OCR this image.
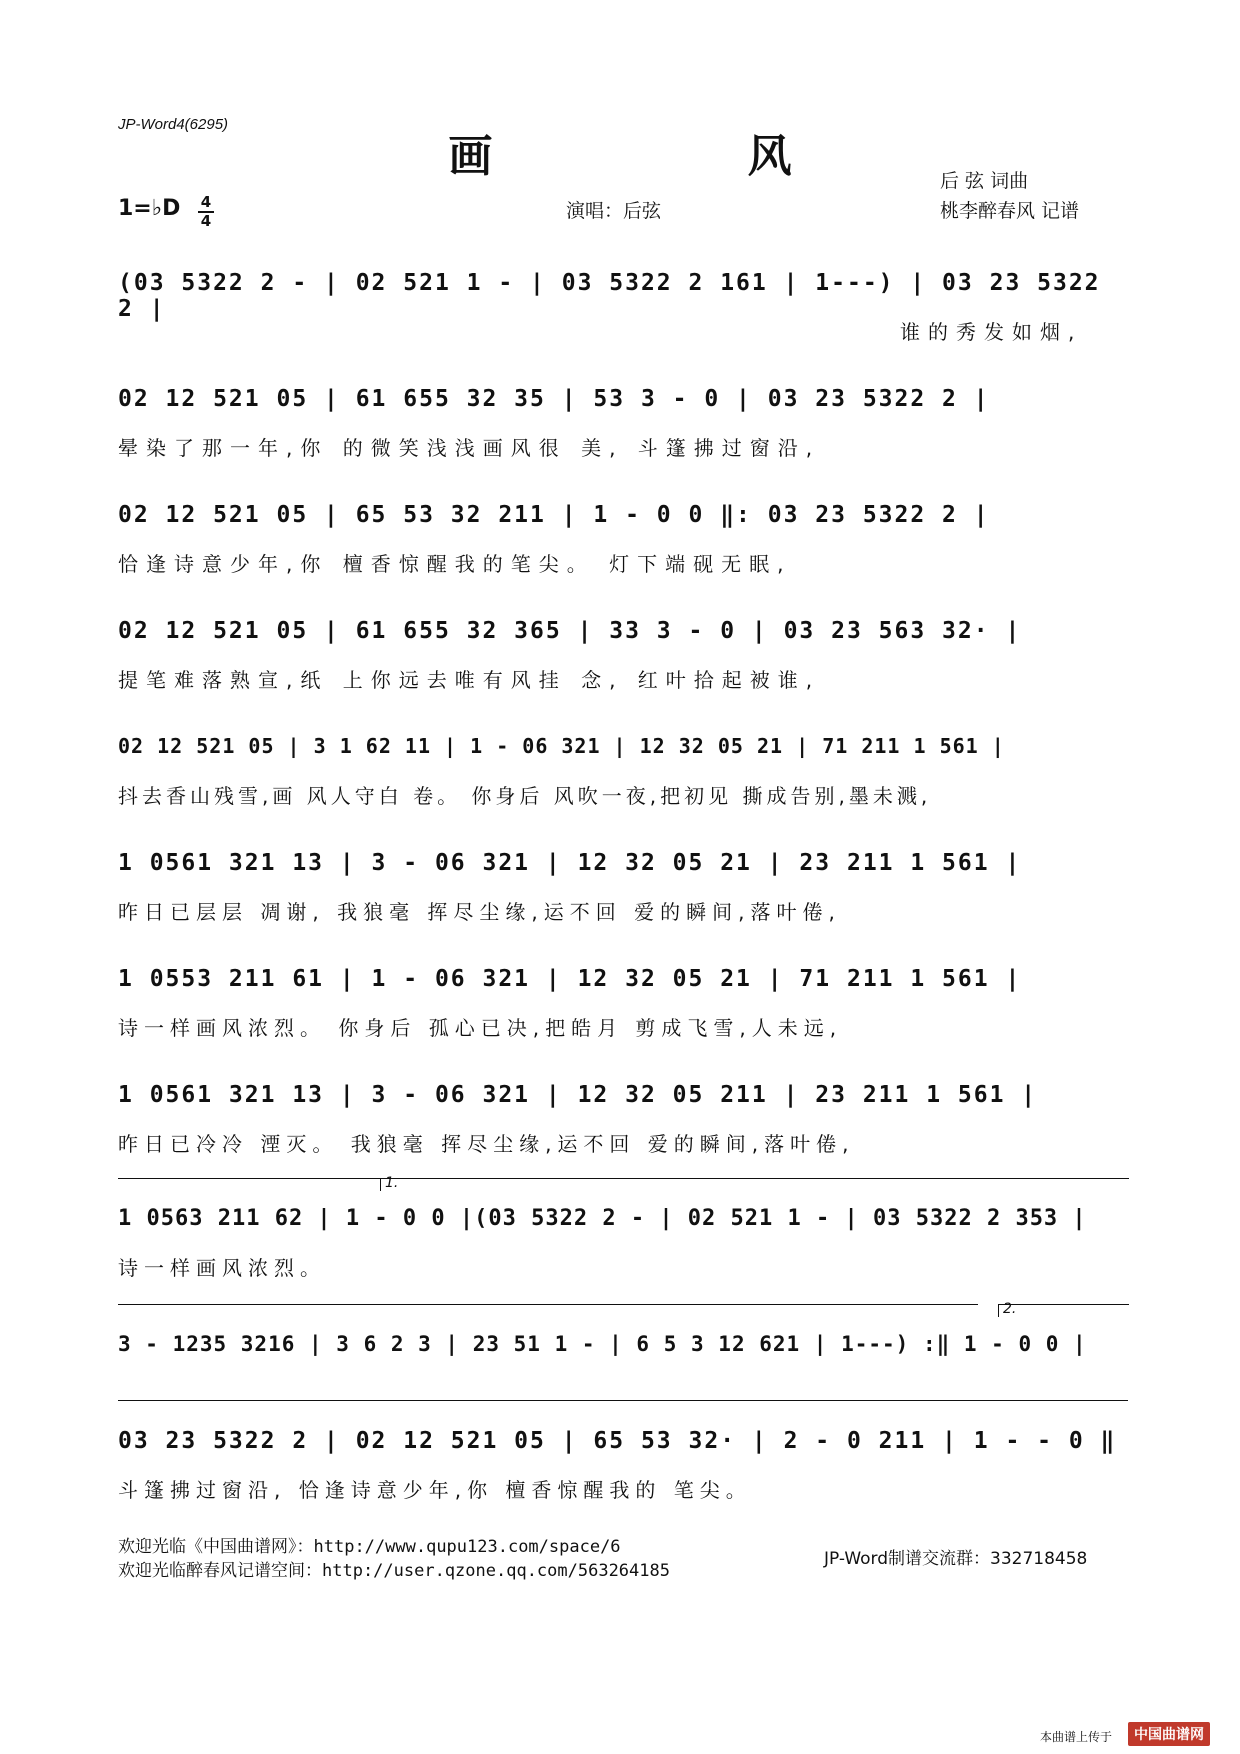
JP-Word4(6295)
画 风	后 弦 词曲
桃李醉春风 记谱
演唱：后弦
1=♭D 4
4
(03 5322 2 - | 02 521 1 - | 03 5322 2 161 | 1---) | 03 23 5322 2 |
谁的秀发如烟,
02 12 521 05 | 61 655 32 35 | 53 3 - 0 | 03 23 5322 2 |
晕染了那一年,你 的微笑浅浅画风很 美, 斗篷拂过窗沿,
02 12 521 05 | 65 53 32 211 | 1 - 0 0 ‖: 03 23 5322 2 |
恰逢诗意少年,你 檀香惊醒我的笔尖。 灯下端砚无眠,
02 12 521 05 | 61 655 32 365 | 33 3 - 0 | 03 23 563 32· |
提笔难落熟宣,纸 上你远去唯有风挂 念, 红叶拾起被谁,
02 12 521 05 | 3 1 62 11 | 1 - 06 321 | 12 32 05 21 | 71 211 1 561 |
抖去香山残雪,画 风人守白 卷。 你身后 风吹一夜,把初见 撕成告别,墨未溅,
1 0561 321 13 | 3 - 06 321 | 12 32 05 21 | 23 211 1 561 |
昨日已层层 凋谢, 我狼毫 挥尽尘缘,运不回 爱的瞬间,落叶倦,
1 0553 211 61 | 1 - 06 321 | 12 32 05 21 | 71 211 1 561 |
诗一样画风浓烈。 你身后 孤心已决,把皓月 剪成飞雪,人未远,
1 0561 321 13 | 3 - 06 321 | 12 32 05 211 | 23 211 1 561 |
昨日已冷冷 湮灭。 我狼毫 挥尽尘缘,运不回 爱的瞬间,落叶倦,
1.
1 0563 211 62 | 1 - 0 0 |(03 5322 2 - | 02 521 1 - | 03 5322 2 353 |
诗一样画风浓烈。
2.
3 - 1235 3216 | 3 6 2 3 | 23 51 1 - | 6 5 3 12 621 | 1---) :‖ 1 - 0 0 |
03 23 5322 2 | 02 12 521 05 | 65 53 32· | 2 - 0 211 | 1 - - 0 ‖
斗篷拂过窗沿, 恰逢诗意少年,你 檀香惊醒我的 笔尖。
欢迎光临《中国曲谱网》：http://www.qupu123.com/space/6
欢迎光临醉春风记谱空间：http://user.qzone.qq.com/563264185
JP-Word制谱交流群：332718458
本曲谱上传于	中国曲谱网
